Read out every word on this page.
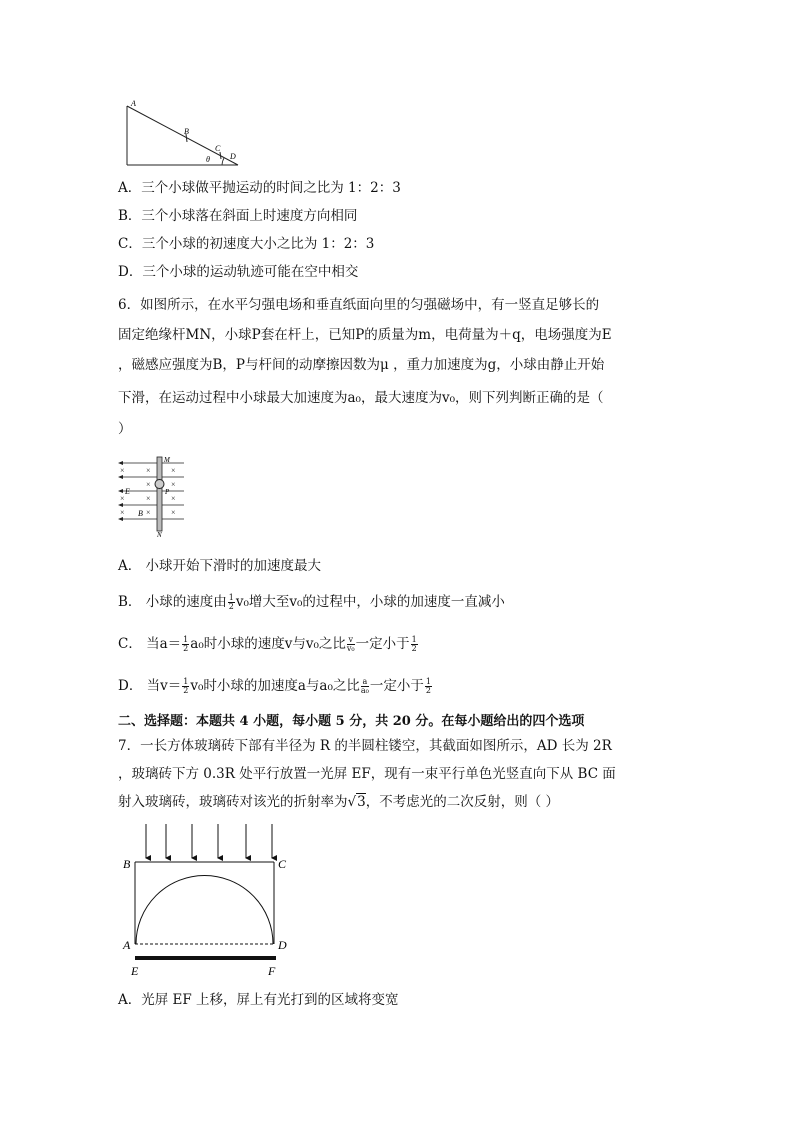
A
B
C
θ	D
A．三个小球做平抛运动的时间之比为 1：2：3
B．三个小球落在斜面上时速度方向相同
C．三个小球的初速度大小之比为 1：2：3
D．三个小球的运动轨迹可能在空中相交
6．如图所示，在水平匀强电场和垂直纸面向里的匀强磁场中，有一竖直足够长的
固定绝缘杆MN，小球P套在杆上，已知P的质量为m，电荷量为＋q，电场强度为E
，磁感应强度为B，P与杆间的动摩擦因数为μ ，重力加速度为g，小球由静止开始
下滑，在运动过程中小球最大加速度为a₀，最大速度为v₀，则下列判断正确的是（
）
×	×	×
×	×
×	×	×
×	×
×
E
B
M
P
N
A． 小球开始下滑时的加速度最大
B． 小球的速度由 $\frac{1}{2} v_0$增大至v₀的过程中，小球的加速度一直减小
C． 当$a= \frac{1}{2} a_0$时小球的速度v与v₀之比 $\frac{v}{\text{v₀}}$ 一定小于 $\frac{1}{2}$
D． 当$v= \frac{1}{2} v_0$时小球的加速度a与a₀之比 $\frac{a}{\text{a₀}}$ 一定小于 $\frac{1}{2}$
二、选择题：本题共 4 小题，每小题 5 分，共 20 分。在每小题给出的四个选项
7．一长方体玻璃砖下部有半径为 R 的半圆柱镂空，其截面如图所示，AD 长为 2R
，玻璃砖下方 0.3R 处平行放置一光屏 EF，现有一束平行单色光竖直向下从 BC 面
射入玻璃砖，玻璃砖对该光的折射率为√3，不考虑光的二次反射，则（ ）
B	C
A	D
E	F
A．光屏 EF 上移，屏上有光打到的区域将变宽
